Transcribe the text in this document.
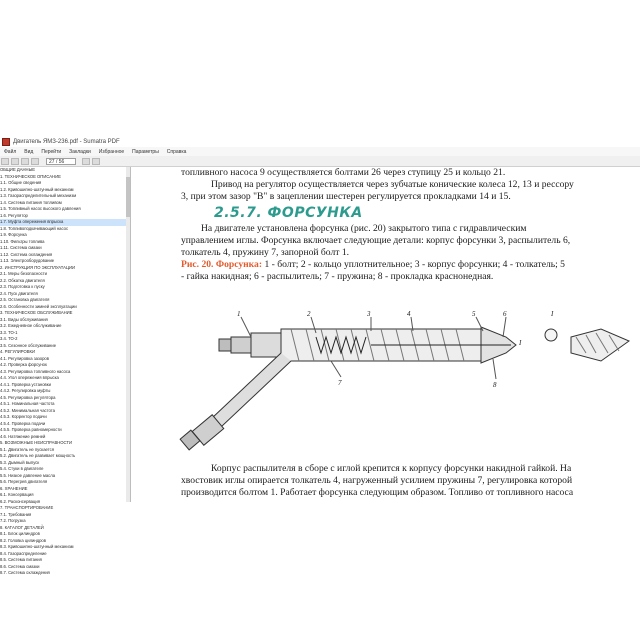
Двигатель ЯМЗ-236.pdf - Sumatra PDF
Файл Вид Перейти Закладки Избранное Параметры Справка
27 / 56
ОБЩИЕ ДАННЫЕ
1. ТЕХНИЧЕСКОЕ ОПИСАНИЕ
1.1. Общие сведения
1.2. Кривошипно-шатунный механизм
1.3. Газораспределительный механизм
1.4. Система питания топливом
1.5. Топливный насос высокого давления
1.6. Регулятор
1.7. Муфта опережения впрыска
1.8. Топливоподкачивающий насос
1.9. Форсунка
1.10. Фильтры топлива
1.11. Система смазки
1.12. Система охлаждения
1.13. Электрооборудование
2. ИНСТРУКЦИЯ ПО ЭКСПЛУАТАЦИИ
2.1. Меры безопасности
2.2. Обкатка двигателя
2.3. Подготовка к пуску
2.4. Пуск двигателя
2.5. Остановка двигателя
2.6. Особенности зимней эксплуатации
3. ТЕХНИЧЕСКОЕ ОБСЛУЖИВАНИЕ
3.1. Виды обслуживания
3.2. Ежедневное обслуживание
3.3. ТО-1
3.4. ТО-2
3.5. Сезонное обслуживание
4. РЕГУЛИРОВКИ
4.1. Регулировка зазоров
4.2. Проверка форсунок
4.3. Регулировка топливного насоса
4.4. Угол опережения впрыска
4.4.1. Проверка установки
4.4.2. Регулировка муфты
4.5. Регулировка регулятора
4.5.1. Номинальная частота
4.5.2. Минимальная частота
4.5.3. Корректор подачи
4.5.4. Проверка подачи
4.5.5. Проверка равномерности
4.6. Натяжение ремней
5. ВОЗМОЖНЫЕ НЕИСПРАВНОСТИ
5.1. Двигатель не пускается
5.2. Двигатель не развивает мощность
5.3. Дымный выпуск
5.4. Стуки в двигателе
5.5. Низкое давление масла
5.6. Перегрев двигателя
6. ХРАНЕНИЕ
6.1. Консервация
6.2. Расконсервация
7. ТРАНСПОРТИРОВАНИЕ
7.1. Требования
7.2. Погрузка
8. КАТАЛОГ ДЕТАЛЕЙ
8.1. Блок цилиндров
8.2. Головка цилиндров
8.3. Кривошипно-шатунный механизм
8.4. Газораспределение
8.5. Система питания
8.6. Система смазки
8.7. Система охлаждения
топливного насоса 9 осуществляется болтами 26 через ступицу 25 и кольцо 21.
Привод на регулятор осуществляется через зубчатые конические колеса 12, 13 и рессору
3, при этом зазор "В" в зацеплении шестерен регулируется прокладками 14 и 15.
2.5.7. ФОРСУНКА
На двигателе установлена форсунка (рис. 20) закрытого типа с гидравлическим
управлением иглы. Форсунка включает следующие детали: корпус форсунки 3, распылитель 6,
толкатель 4, пружину 7, запорной болт 1.
Рис. 20. Форсунка: 1 - болт; 2 - кольцо уплотнительное; 3 - корпус форсунки; 4 - толкатель; 5
- гайка накидная; 6 - распылитель; 7 - пружина; 8 - прокладка краснонедная.
1	2	3	4	5	6
7	8
I
I
Корпус распылителя в сборе с иглой крепится к корпусу форсунки накидной гайкой. На
хвостовик иглы опирается толкатель 4, нагруженный усилием пружины 7, регулировка которой
производится болтом 1. Работает форсунка следующим образом. Топливо от топливного насоса
